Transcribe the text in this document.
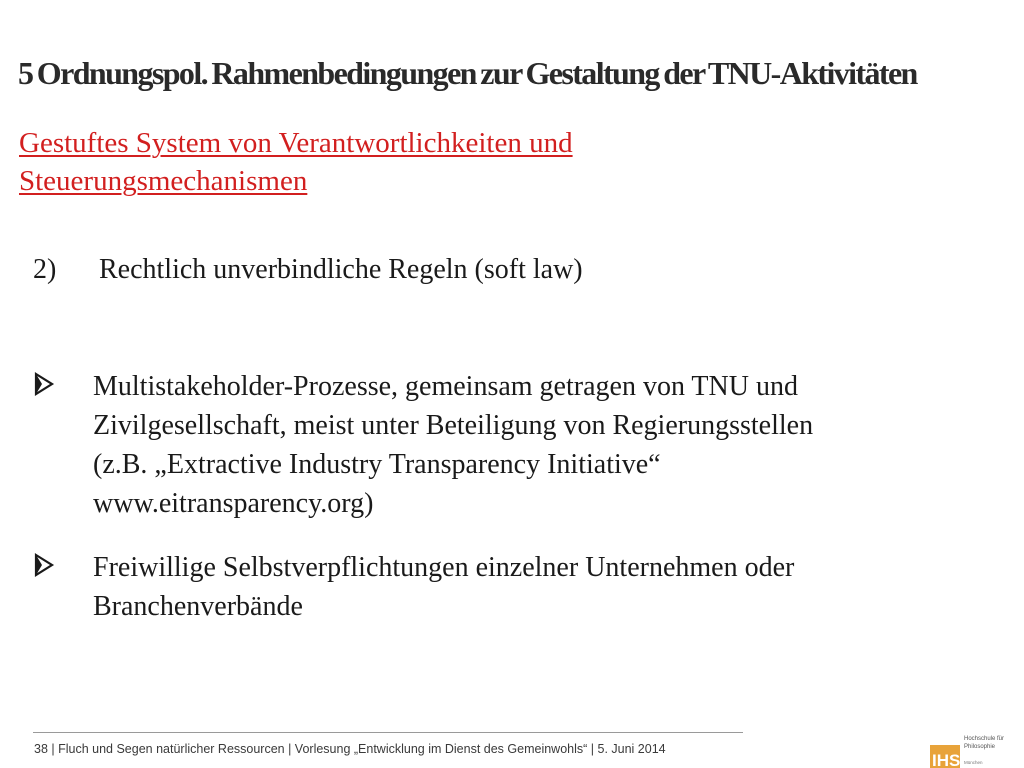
5 Ordnungspol. Rahmenbedingungen zur Gestaltung der TNU-Aktivitäten
Gestuftes System von Verantwortlichkeiten und
Steuerungsmechanismen
2) Rechtlich unverbindliche Regeln (soft law)
Multistakeholder-Prozesse, gemeinsam getragen von TNU und
Zivilgesellschaft, meist unter Beteiligung von Regierungsstellen
(z.B. „Extractive Industry Transparency Initiative“
www.eitransparency.org)
Freiwillige Selbstverpflichtungen einzelner Unternehmen oder
Branchenverbände
38 | Fluch und Segen natürlicher Ressourcen | Vorlesung „Entwicklung im Dienst des Gemeinwohls“ | 5. Juni 2014
IHS
Hochschule für
Philosophie
München
